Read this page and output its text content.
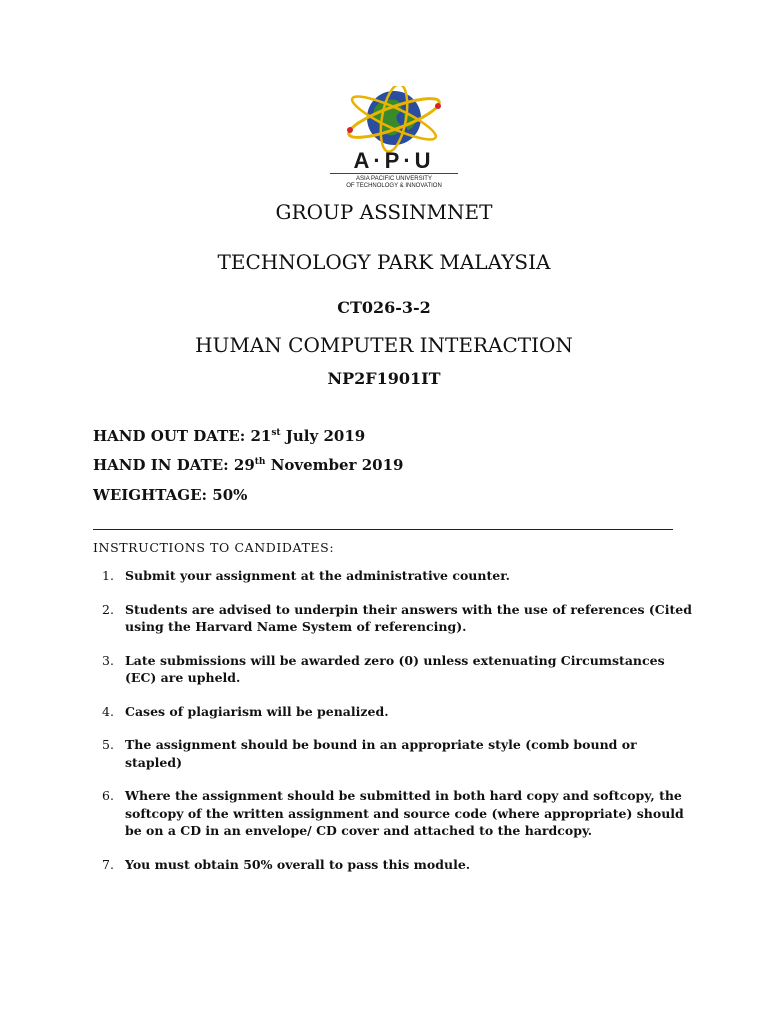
A·P·U
ASIA PACIFIC UNIVERSITY
OF TECHNOLOGY & INNOVATION
GROUP ASSINMNET
TECHNOLOGY PARK MALAYSIA
CT026-3-2
HUMAN COMPUTER INTERACTION
NP2F1901IT
HAND OUT DATE: 21st July 2019
HAND IN DATE: 29th November 2019
WEIGHTAGE: 50%
INSTRUCTIONS TO CANDIDATES:
1. Submit your assignment at the administrative counter.
2. Students are advised to underpin their answers with the use of references (Cited using the Harvard Name System of referencing).
3. Late submissions will be awarded zero (0) unless extenuating Circumstances (EC) are upheld.
4. Cases of plagiarism will be penalized.
5. The assignment should be bound in an appropriate style (comb bound or stapled)
6. Where the assignment should be submitted in both hard copy and softcopy, the softcopy of the written assignment and source code (where appropriate) should be on a CD in an envelope/ CD cover and attached to the hardcopy.
7. You must obtain 50% overall to pass this module.
